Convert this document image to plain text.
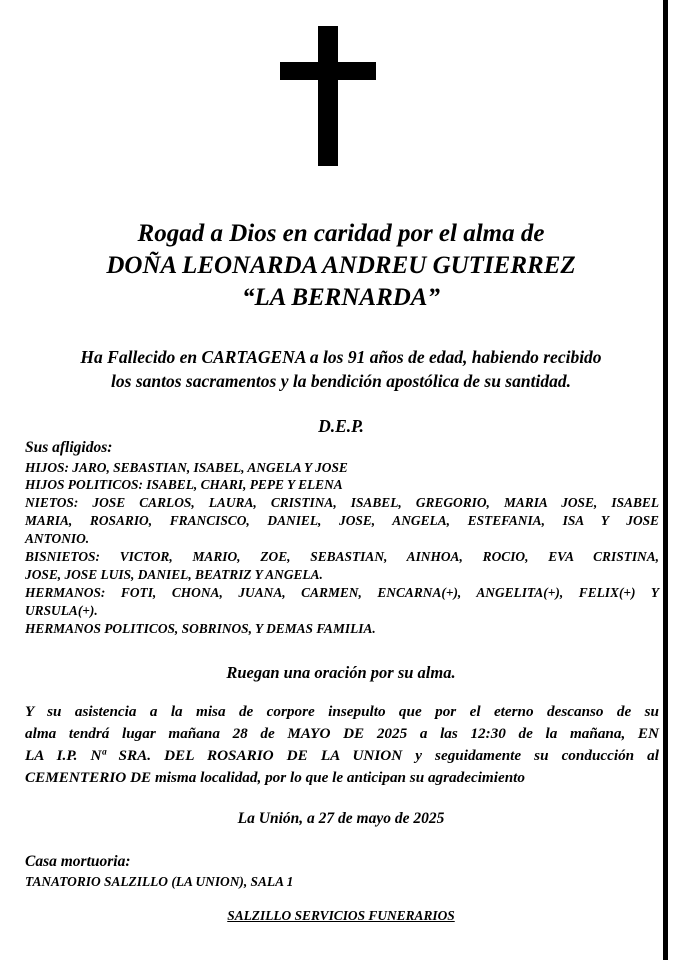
Rogad a Dios en caridad por el alma de
DOÑA LEONARDA ANDREU GUTIERREZ
“LA BERNARDA”
Ha Fallecido en CARTAGENA a los 91 años de edad, habiendo recibido
los santos sacramentos y la bendición apostólica de su santidad.
D.E.P.
Sus afligidos:
HIJOS: JARO, SEBASTIAN, ISABEL, ANGELA Y JOSE
HIJOS POLITICOS: ISABEL, CHARI, PEPE Y ELENA
NIETOS: JOSE CARLOS, LAURA, CRISTINA, ISABEL, GREGORIO, MARIA JOSE, ISABEL
MARIA, ROSARIO, FRANCISCO, DANIEL, JOSE, ANGELA, ESTEFANIA, ISA Y JOSE
ANTONIO.
BISNIETOS: VICTOR, MARIO, ZOE, SEBASTIAN, AINHOA, ROCIO, EVA CRISTINA,
JOSE, JOSE LUIS, DANIEL, BEATRIZ Y ANGELA.
HERMANOS: FOTI, CHONA, JUANA, CARMEN, ENCARNA(+), ANGELITA(+), FELIX(+) Y
URSULA(+).
HERMANOS POLITICOS, SOBRINOS, Y DEMAS FAMILIA.
Ruegan una oración por su alma.
Y su asistencia a la misa de corpore insepulto que por el eterno descanso de su
alma tendrá lugar mañana 28 de MAYO DE 2025 a las 12:30 de la mañana, EN
LA I.P. Nª SRA. DEL ROSARIO DE LA UNION y seguidamente su conducción al
CEMENTERIO DE misma localidad, por lo que le anticipan su agradecimiento
La Unión, a 27 de mayo de 2025
Casa mortuoria:
TANATORIO SALZILLO (LA UNION), SALA 1
SALZILLO SERVICIOS FUNERARIOS
